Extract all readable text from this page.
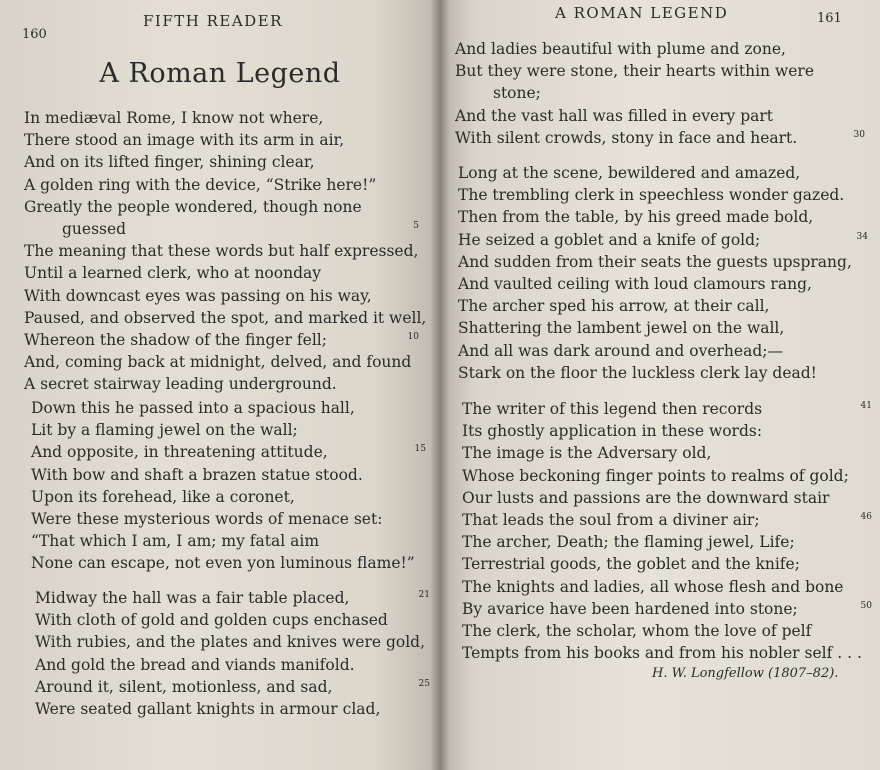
160
FIFTH READER
A Roman Legend
In mediæval Rome, I know not where,
There stood an image with its arm in air,
And on its lifted finger, shining clear,
A golden ring with the device, “Strike here!”
Greatly the people wondered, though none
guessed	5
The meaning that these words but half expressed,
Until a learned clerk, who at noonday
With downcast eyes was passing on his way,
Paused, and observed the spot, and marked it well,
Whereon the shadow of the finger fell;	10
And, coming back at midnight, delved, and found
A secret stairway leading underground.
Down this he passed into a spacious hall,
Lit by a flaming jewel on the wall;
And opposite, in threatening attitude,	15
With bow and shaft a brazen statue stood.
Upon its forehead, like a coronet,
Were these mysterious words of menace set:
“That which I am, I am; my fatal aim
None can escape, not even yon luminous flame!”
Midway the hall was a fair table placed,	21
With cloth of gold and golden cups enchased
With rubies, and the plates and knives were gold,
And gold the bread and viands manifold.
Around it, silent, motionless, and sad,	25
Were seated gallant knights in armour clad,
161
A ROMAN LEGEND
And ladies beautiful with plume and zone,
But they were stone, their hearts within were
stone;
And the vast hall was filled in every part
With silent crowds, stony in face and heart.	30
Long at the scene, bewildered and amazed,
The trembling clerk in speechless wonder gazed.
Then from the table, by his greed made bold,
He seized a goblet and a knife of gold;	34
And sudden from their seats the guests upsprang,
And vaulted ceiling with loud clamours rang,
The archer sped his arrow, at their call,
Shattering the lambent jewel on the wall,
And all was dark around and overhead;—
Stark on the floor the luckless clerk lay dead!
The writer of this legend then records	41
Its ghostly application in these words:
The image is the Adversary old,
Whose beckoning finger points to realms of gold;
Our lusts and passions are the downward stair
That leads the soul from a diviner air;	46
The archer, Death; the flaming jewel, Life;
Terrestrial goods, the goblet and the knife;
The knights and ladies, all whose flesh and bone
By avarice have been hardened into stone;	50
The clerk, the scholar, whom the love of pelf
Tempts from his books and from his nobler self . . .
H. W. Longfellow (1807–82).
